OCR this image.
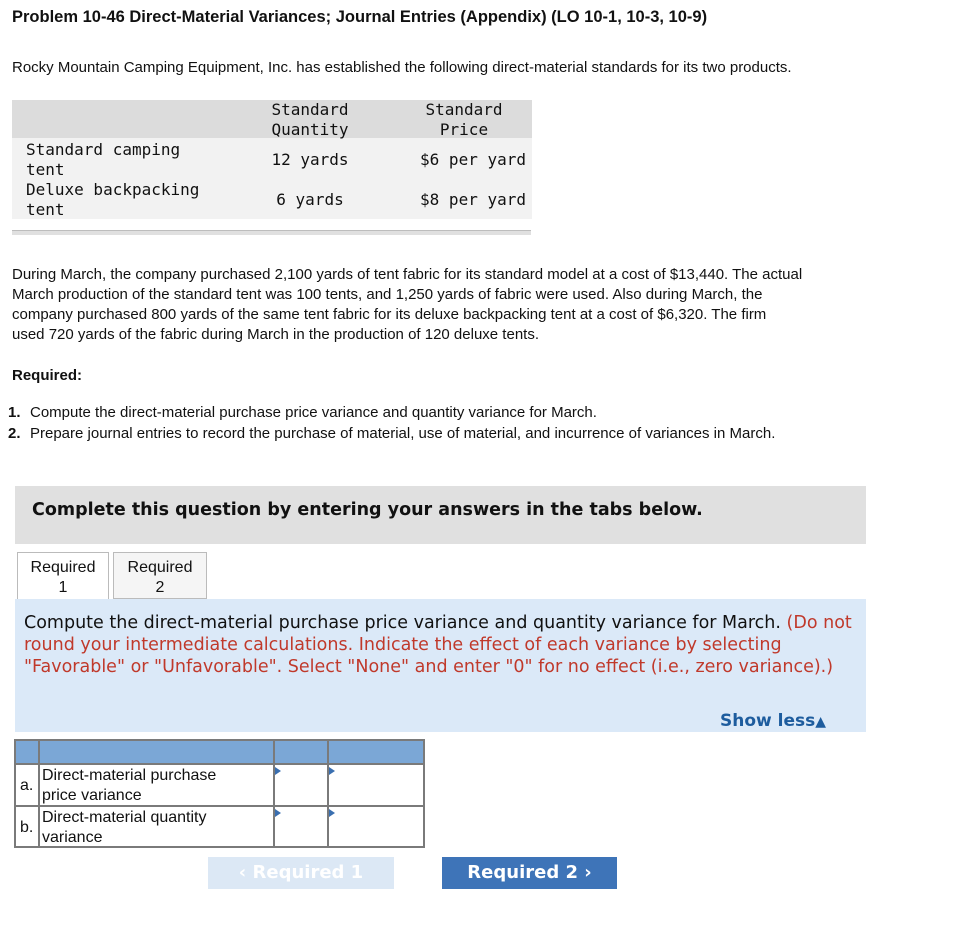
Problem 10-46 Direct-Material Variances; Journal Entries (Appendix) (LO 10-1, 10-3, 10-9)
Rocky Mountain Camping Equipment, Inc. has established the following direct-material standards for its two products.
Standard
Quantity
Standard
Price
Standard camping
tent
12 yards	$6 per yard
Deluxe backpacking
tent
6 yards	$8 per yard
During March, the company purchased 2,100 yards of tent fabric for its standard model at a cost of $13,440. The actual
March production of the standard tent was 100 tents, and 1,250 yards of fabric were used. Also during March, the
company purchased 800 yards of the same tent fabric for its deluxe backpacking tent at a cost of $6,320. The firm
used 720 yards of the fabric during March in the production of 120 deluxe tents.
Required:
1. Compute the direct-material purchase price variance and quantity variance for March.
2. Prepare journal entries to record the purchase of material, use of material, and incurrence of variances in March.
Complete this question by entering your answers in the tabs below.
Required
1
Required
2
Compute the direct-material purchase price variance and quantity variance for March. (Do not round your intermediate calculations. Indicate the effect of each variance by selecting "Favorable" or "Unfavorable". Select "None" and enter "0" for no effect (i.e., zero variance).)
Show less▲
a.
Direct-material purchase
price variance
b.
Direct-material quantity
variance
‹ Required 1	Required 2 ›
